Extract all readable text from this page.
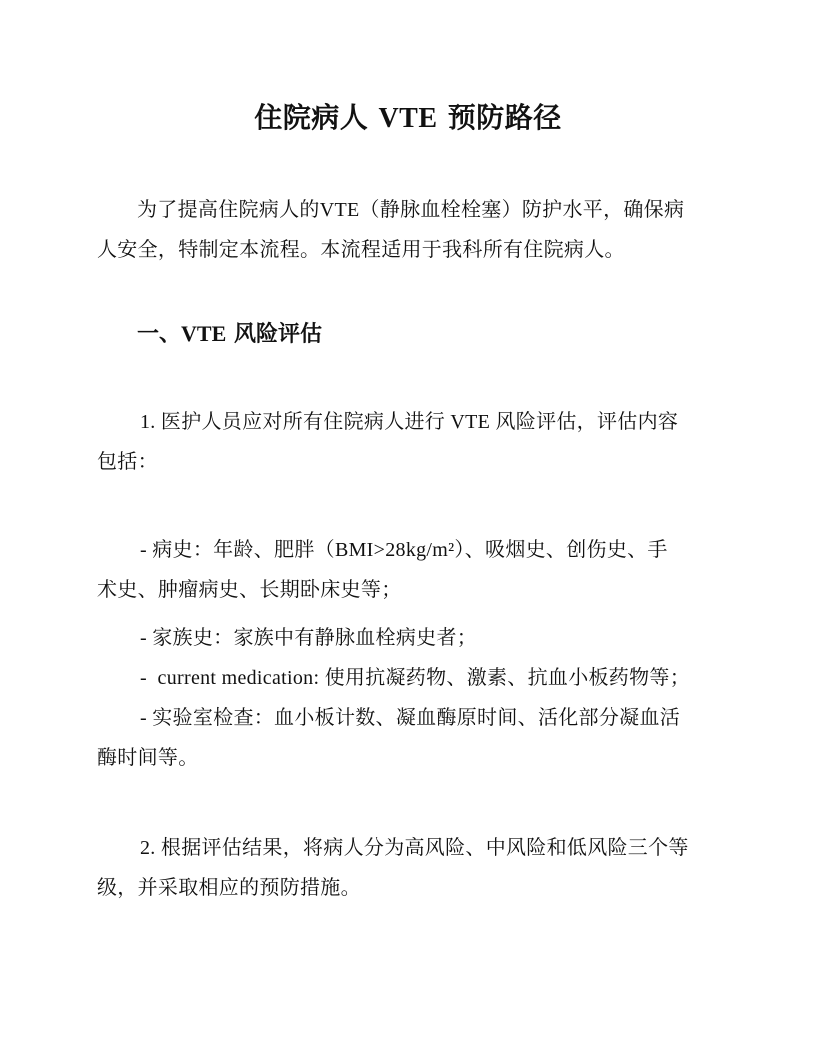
住院病人 VTE 预防路径
为了提高住院病人的VTE（静脉血栓栓塞）防护水平，确保病
人安全，特制定本流程。本流程适用于我科所有住院病人。
一、VTE 风险评估
1. 医护人员应对所有住院病人进行 VTE 风险评估，评估内容
包括：
- 病史：年龄、肥胖（BMI>28kg/m²）、吸烟史、创伤史、手
术史、肿瘤病史、长期卧床史等；
- 家族史：家族中有静脉血栓病史者；
-  current medication: 使用抗凝药物、激素、抗血小板药物等；
- 实验室检查：血小板计数、凝血酶原时间、活化部分凝血活
酶时间等。
2. 根据评估结果，将病人分为高风险、中风险和低风险三个等
级，并采取相应的预防措施。
